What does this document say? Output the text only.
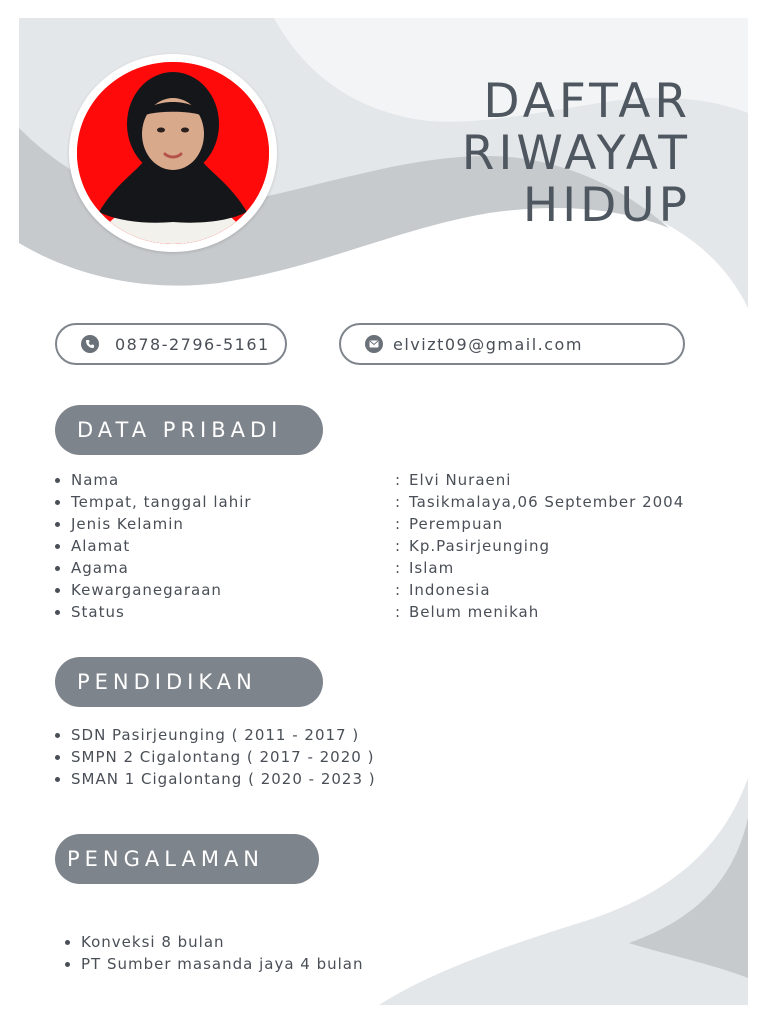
DAFTAR
RIWAYAT
HIDUP
0878-2796-5161	elvizt09@gmail.com
DATA PRIBADI
Nama	: Elvi Nuraeni
Tempat, tanggal lahir	: Tasikmalaya,06 September 2004
Jenis Kelamin	: Perempuan
Alamat	: Kp.Pasirjeunging
Agama	: Islam
Kewarganegaraan	: Indonesia
Status	: Belum menikah
PENDIDIKAN
SDN Pasirjeunging ( 2011 - 2017 )
SMPN 2 Cigalontang ( 2017 - 2020 )
SMAN 1 Cigalontang ( 2020 - 2023 )
PENGALAMAN
Konveksi 8 bulan
PT Sumber masanda jaya 4 bulan
